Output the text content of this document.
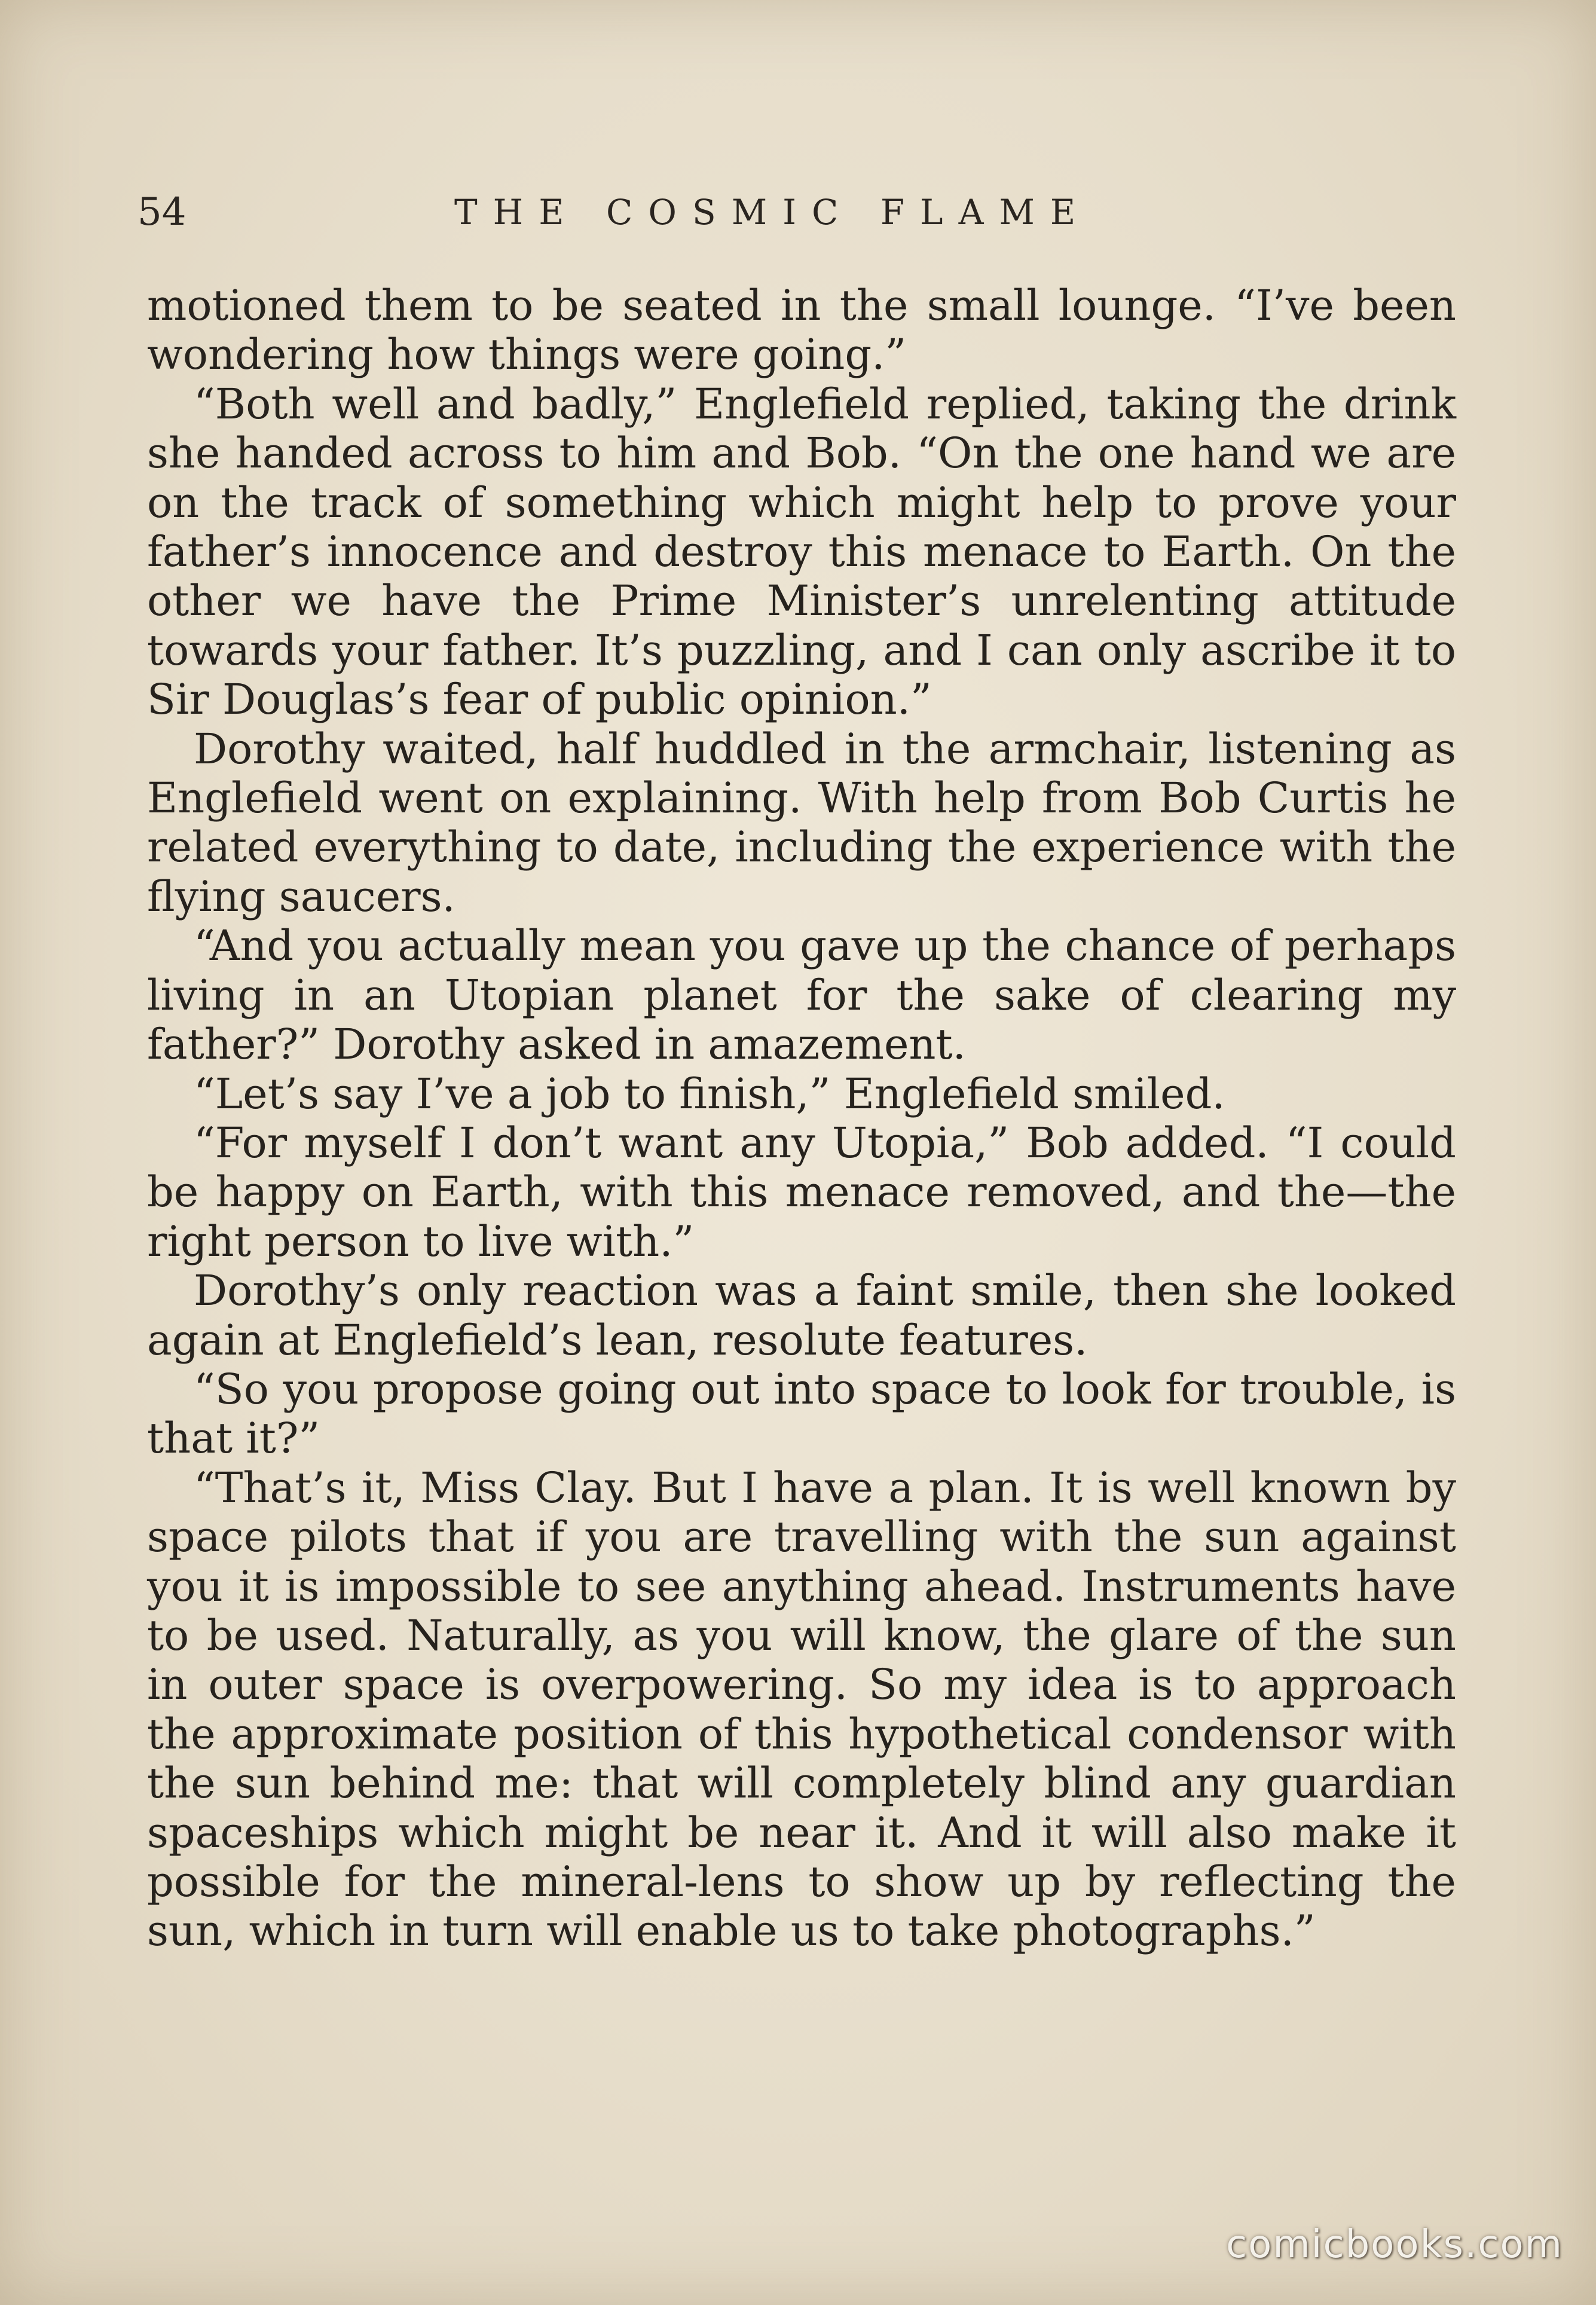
54	THE COSMIC FLAME

motioned them to be seated in the small lounge. “I’ve been wondering how things were going.”

“Both well and badly,” Englefield replied, taking the drink she handed across to him and Bob. “On the one hand we are on the track of something which might help to prove your father’s innocence and destroy this menace to Earth. On the other we have the Prime Minister’s unrelenting attitude towards your father. It’s puzzling, and I can only ascribe it to Sir Douglas’s fear of public opinion.”

Dorothy waited, half huddled in the armchair, listening as Englefield went on explaining. With help from Bob Curtis he related everything to date, including the experience with the flying saucers.

“And you actually mean you gave up the chance of perhaps living in an Utopian planet for the sake of clearing my father?” Dorothy asked in amazement.

“Let’s say I’ve a job to finish,” Englefield smiled.

“For myself I don’t want any Utopia,” Bob added. “I could be happy on Earth, with this menace removed, and the—the right person to live with.”

Dorothy’s only reaction was a faint smile, then she looked again at Englefield’s lean, resolute features.

“So you propose going out into space to look for trouble, is that it?”

“That’s it, Miss Clay. But I have a plan. It is well known by space pilots that if you are travelling with the sun against you it is impossible to see anything ahead. Instruments have to be used. Naturally, as you will know, the glare of the sun in outer space is overpowering. So my idea is to approach the approximate position of this hypothetical condensor with the sun behind me: that will completely blind any guardian spaceships which might be near it. And it will also make it possible for the mineral-lens to show up by reflecting the sun, which in turn will enable us to take photographs.”

comicbooks.com
